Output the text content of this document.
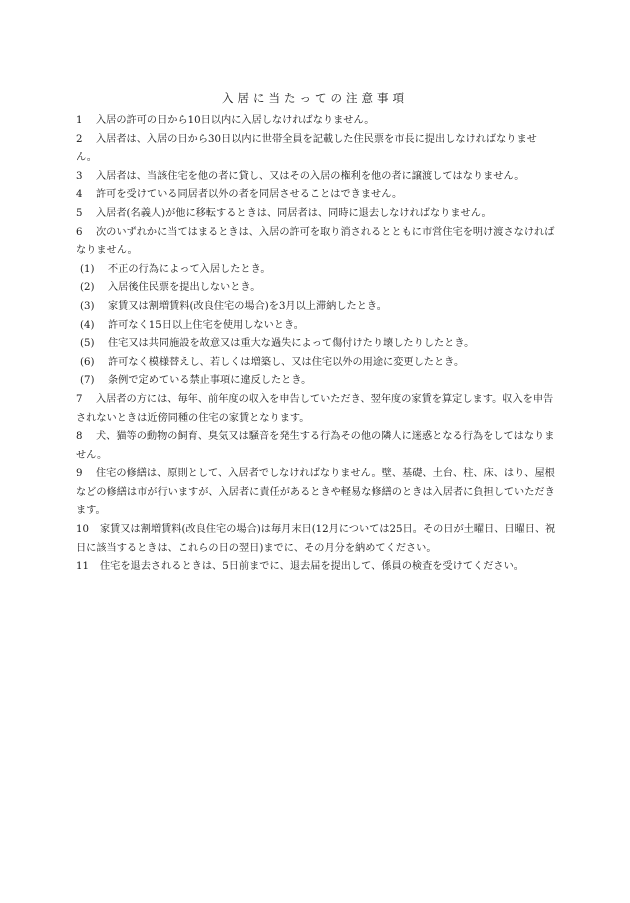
入居に当たっての注意事項
1	入居の許可の日から10日以内に入居しなければなりません。
2	入居者は、入居の日から30日以内に世帯全員を記載した住民票を市長に提出しなければなりません。
3	入居者は、当該住宅を他の者に貸し、又はその入居の権利を他の者に譲渡してはなりません。
4	許可を受けている同居者以外の者を同居させることはできません。
5	入居者(名義人)が他に移転するときは、同居者は、同時に退去しなければなりません。
6	次のいずれかに当てはまるときは、入居の許可を取り消されるとともに市営住宅を明け渡さなければなりません。
(1)	不正の行為によって入居したとき。
(2)	入居後住民票を提出しないとき。
(3)	家賃又は割増賃料(改良住宅の場合)を3月以上滞納したとき。
(4)	許可なく15日以上住宅を使用しないとき。
(5)	住宅又は共同施設を故意又は重大な過失によって傷付けたり壊したりしたとき。
(6)	許可なく模様替えし、若しくは増築し、又は住宅以外の用途に変更したとき。
(7)	条例で定めている禁止事項に違反したとき。
7	入居者の方には、毎年、前年度の収入を申告していただき、翌年度の家賃を算定します。収入を申告されないときは近傍同種の住宅の家賃となります。
8	犬、猫等の動物の飼育、臭気又は騒音を発生する行為その他の隣人に迷惑となる行為をしてはなりません。
9	住宅の修繕は、原則として、入居者でしなければなりません。壁、基礎、土台、柱、床、はり、屋根などの修繕は市が行いますが、入居者に責任があるときや軽易な修繕のときは入居者に負担していただきます。
10	家賃又は割増賃料(改良住宅の場合)は毎月末日(12月については25日。その日が土曜日、日曜日、祝日に該当するときは、これらの日の翌日)までに、その月分を納めてください。
11	住宅を退去されるときは、5日前までに、退去届を提出して、係員の検査を受けてください。
